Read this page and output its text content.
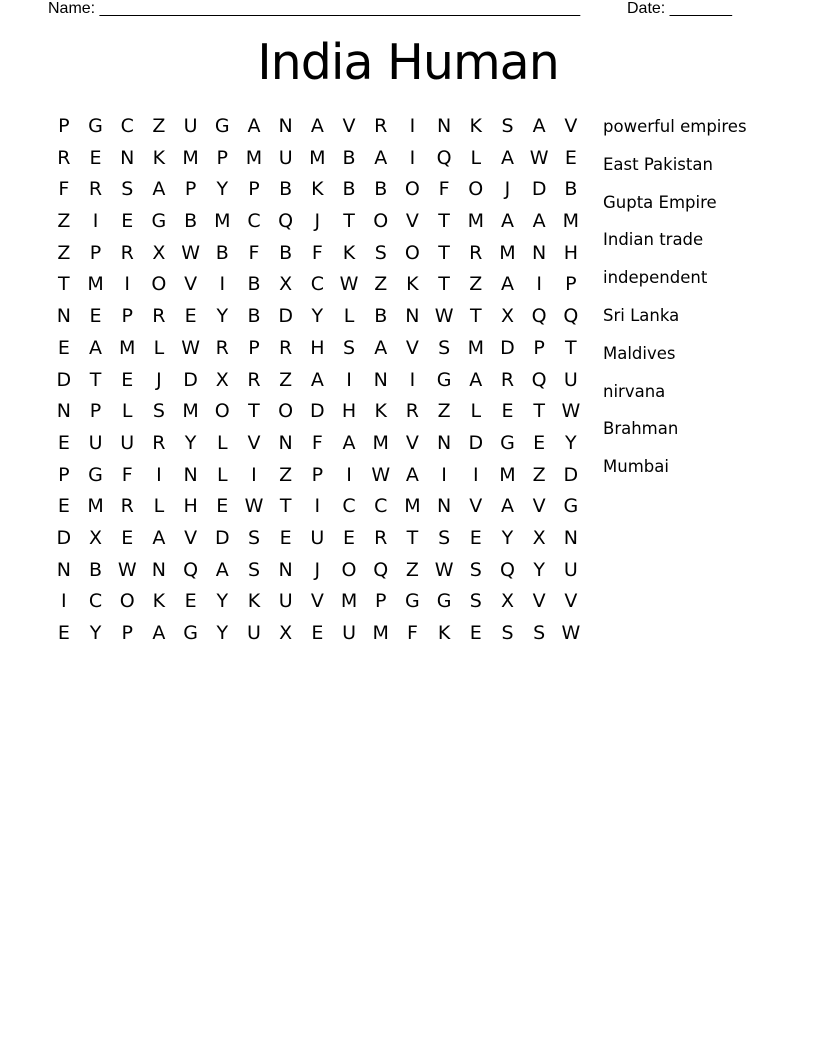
Name: ______________________________________________________	Date: _______
India Human
P G C Z U G A N A V R	I	N K	S	A V
R	E N K M P M U M B A	I	Q L	A W E
F	R	S	A	P	Y	P	B K B B O F O	J	D B
Z	I	E G B M C Q	J	T O V	T M A A M
Z	P	R X W B	F	B	F	K	S O T	R M N H
T M	I	O V	I	B X C W Z K	T	Z A	I	P
N E	P	R	E	Y	B D Y	L	B N W T	X Q Q
E	A M L W R	P	R H S	A V	S M D P	T
D T	E	J	D X R Z A	I	N	I	G A R Q U
N P	L	S M O T O D H K R Z	L	E	T W
E U U R	Y	L	V N	F	A M V N D G E	Y
P G F	I	N	L	I	Z	P	I	W A	I	I	M Z D
E M R	L	H E W T	I	C C M N V A V G
D X	E	A V D S	E U E	R	T	S	E	Y	X N
N B W N Q A	S N	J	O Q Z W S Q Y U
I	C O K	E	Y	K U V M P G G S	X V V
E	Y	P	A G Y U X	E U M F	K	E	S	S W
powerful empires
East Pakistan
Gupta Empire
Indian trade
independent
Sri Lanka
Maldives
nirvana
Brahman
Mumbai
